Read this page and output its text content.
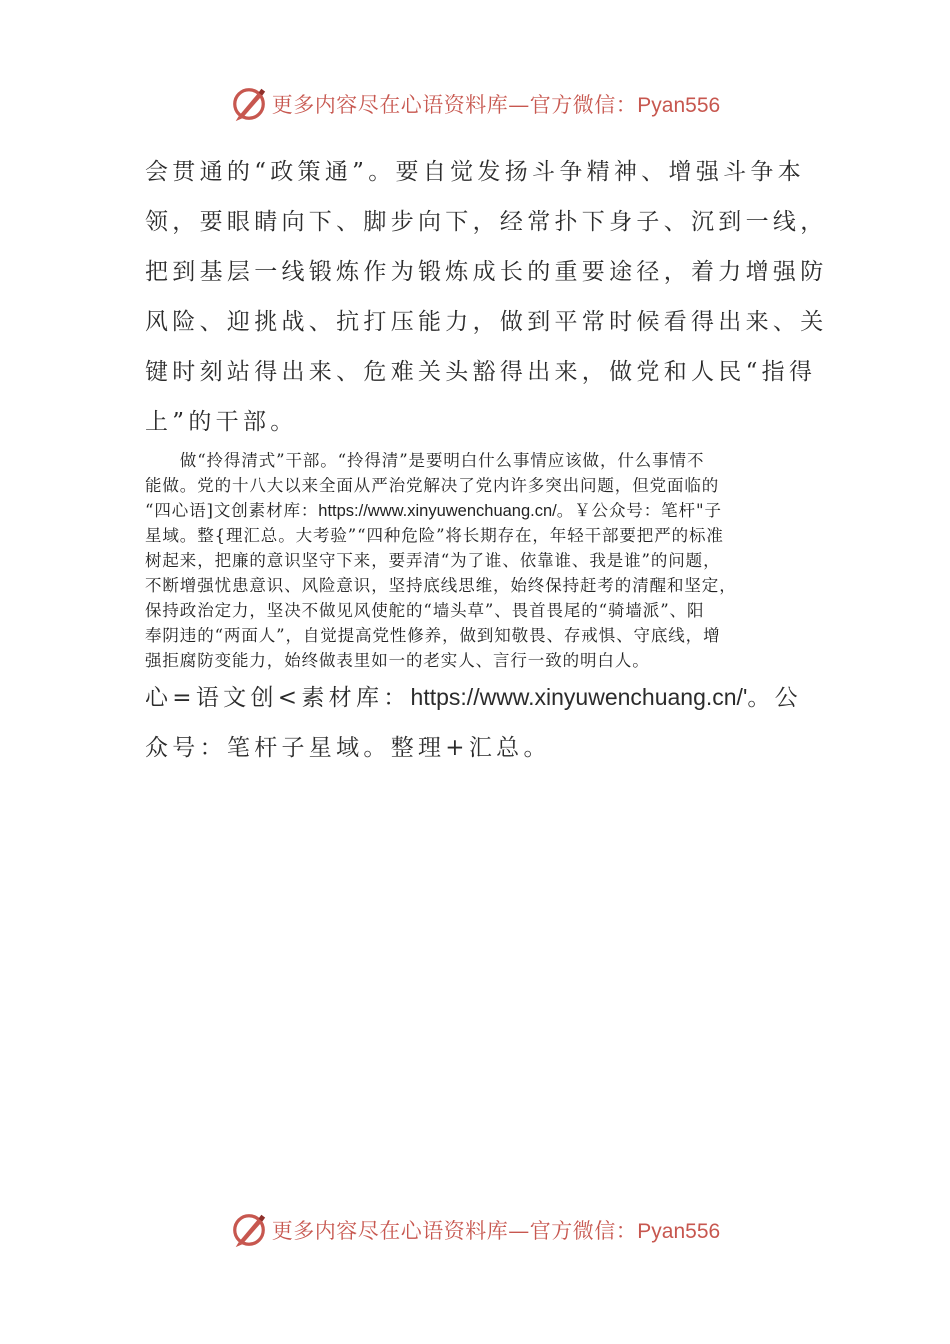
更多内容尽在心语资料库—官方微信：Pyan556
会贯通的“政策通”。要自觉发扬斗争精神、增强斗争本
领，要眼睛向下、脚步向下，经常扑下身子、沉到一线，
把到基层一线锻炼作为锻炼成长的重要途径，着力增强防
风险、迎挑战、抗打压能力，做到平常时候看得出来、关
键时刻站得出来、危难关头豁得出来，做党和人民“指得
上”的干部。
　　做“拎得清式”干部。“拎得清”是要明白什么事情应该做，什么事情不
能做。党的十八大以来全面从严治党解决了党内许多突出问题，但党面临的
“四心语]文创素材库：https://www.xinyuwenchuang.cn/。￥公众号：笔杆"子
星域。整{理汇总。大考验”“四种危险”将长期存在，年轻干部要把严的标准
树起来，把廉的意识坚守下来，要弄清“为了谁、依靠谁、我是谁”的问题，
不断增强忧患意识、风险意识，坚持底线思维，始终保持赶考的清醒和坚定，
保持政治定力，坚决不做见风使舵的“墙头草”、畏首畏尾的“骑墙派”、阳
奉阴违的“两面人”，自觉提高党性修养，做到知敬畏、存戒惧、守底线，增
强拒腐防变能力，始终做表里如一的老实人、言行一致的明白人。
心=语文创<素材库：https://www.xinyuwenchuang.cn/'。公
众号：笔杆子星域。整理+汇总。
更多内容尽在心语资料库—官方微信：Pyan556
